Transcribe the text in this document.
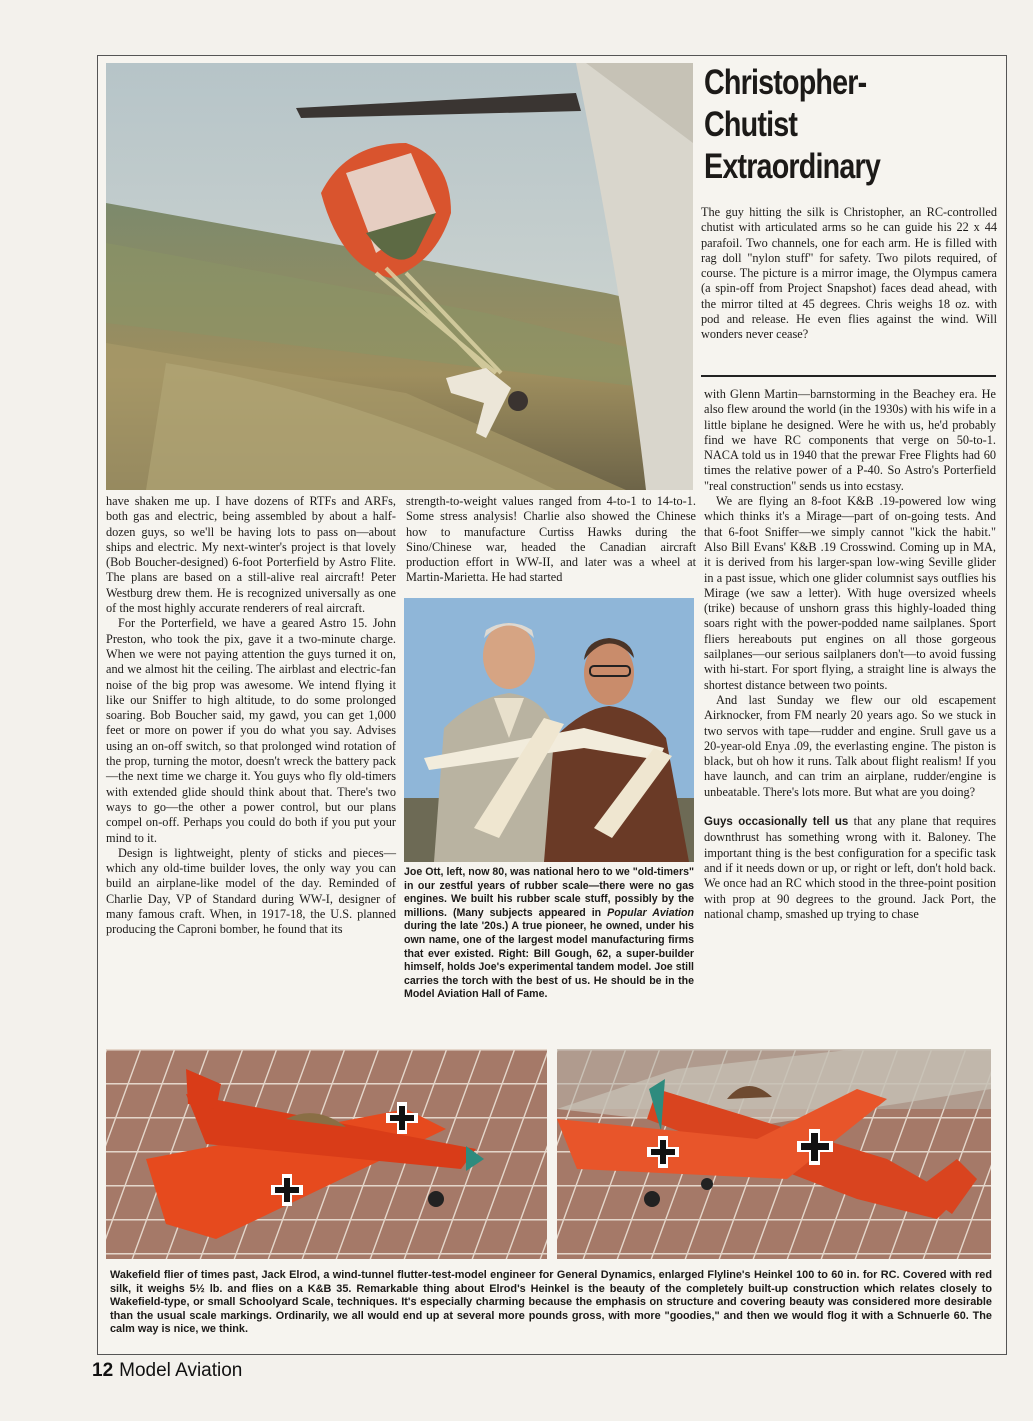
Christopher-
Chutist
Extraordinary
The guy hitting the silk is Christopher, an RC-controlled chutist with articulated arms so he can guide his 22 x 44 parafoil. Two channels, one for each arm. He is filled with rag doll "nylon stuff" for safety. Two pilots required, of course. The picture is a mirror image, the Olympus camera (a spin-off from Project Snapshot) faces dead ahead, with the mirror tilted at 45 degrees. Chris weighs 18 oz. with pod and release. He even flies against the wind. Will wonders never cease?

have shaken me up. I have dozens of RTFs and ARFs, both gas and electric, being assembled by about a half-dozen guys, so we'll be having lots to pass on—about ships and electric. My next-winter's project is that lovely (Bob Boucher-designed) 6-foot Porterfield by Astro Flite. The plans are based on a still-alive real aircraft! Peter Westburg drew them. He is recognized universally as one of the most highly accurate renderers of real aircraft.

For the Porterfield, we have a geared Astro 15. John Preston, who took the pix, gave it a two-minute charge. When we were not paying attention the guys turned it on, and we almost hit the ceiling. The airblast and electric-fan noise of the big prop was awesome. We intend flying it like our Sniffer to high altitude, to do some prolonged soaring. Bob Boucher said, my gawd, you can get 1,000 feet or more on power if you do what you say. Advises using an on-off switch, so that prolonged wind rotation of the prop, turning the motor, doesn't wreck the battery pack—the next time we charge it. You guys who fly old-timers with extended glide should think about that. There's two ways to go—the other a power control, but our plans compel on-off. Perhaps you could do both if you put your mind to it.

Design is lightweight, plenty of sticks and pieces—which any old-time builder loves, the only way you can build an airplane-like model of the day. Reminded of Charlie Day, VP of Standard during WW-I, designer of many famous craft. When, in 1917-18, the U.S. planned producing the Caproni bomber, he found that its

strength-to-weight values ranged from 4-to-1 to 14-to-1. Some stress analysis! Charlie also showed the Chinese how to manufacture Curtiss Hawks during the Sino/Chinese war, headed the Canadian aircraft production effort in WW-II, and later was a wheel at Martin-Marietta. He had started

Joe Ott, left, now 80, was national hero to we "old-timers" in our zestful years of rubber scale—there were no gas engines. We built his rubber scale stuff, possibly by the millions. (Many subjects appeared in Popular Aviation during the late '20s.) A true pioneer, he owned, under his own name, one of the largest model manufacturing firms that ever existed. Right: Bill Gough, 62, a super-builder himself, holds Joe's experimental tandem model. Joe still carries the torch with the best of us. He should be in the Model Aviation Hall of Fame.

with Glenn Martin—barnstorming in the Beachey era. He also flew around the world (in the 1930s) with his wife in a little biplane he designed. Were he with us, he'd probably find we have RC components that verge on 50-to-1. NACA told us in 1940 that the prewar Free Flights had 60 times the relative power of a P-40. So Astro's Porterfield "real construction" sends us into ecstasy.

We are flying an 8-foot K&B .19-powered low wing which thinks it's a Mirage—part of on-going tests. And that 6-foot Sniffer—we simply cannot "kick the habit." Also Bill Evans' K&B .19 Crosswind. Coming up in MA, it is derived from his larger-span low-wing Seville glider in a past issue, which one glider columnist says outflies his Mirage (we saw a letter). With huge oversized wheels (trike) because of unshorn grass this highly-loaded thing soars right with the power-podded name sailplanes. Sport fliers hereabouts put engines on all those gorgeous sailplanes—our serious sailplaners don't—to avoid fussing with hi-start. For sport flying, a straight line is always the shortest distance between two points.

And last Sunday we flew our old escapement Airknocker, from FM nearly 20 years ago. So we stuck in two servos with tape—rudder and engine. Srull gave us a 20-year-old Enya .09, the everlasting engine. The piston is black, but oh how it runs. Talk about flight realism! If you have launch, and can trim an airplane, rudder/engine is unbeatable. There's lots more. But what are you doing?

Guys occasionally tell us that any plane that requires downthrust has something wrong with it. Baloney. The important thing is the best configuration for a specific task and if it needs down or up, or right or left, don't hold back. We once had an RC which stood in the three-point position with prop at 90 degrees to the ground. Jack Port, the national champ, smashed up trying to chase

Wakefield flier of times past, Jack Elrod, a wind-tunnel flutter-test-model engineer for General Dynamics, enlarged Flyline's Heinkel 100 to 60 in. for RC. Covered with red silk, it weighs 5½ lb. and flies on a K&B 35. Remarkable thing about Elrod's Heinkel is the beauty of the completely built-up construction which relates closely to Wakefield-type, or small Schoolyard Scale, techniques. It's especially charming because the emphasis on structure and covering beauty was considered more desirable than the usual scale markings. Ordinarily, we all would end up at several more pounds gross, with more "goodies," and then we would flog it with a Schnuerle 60. The calm way is nice, we think.
12 Model Aviation
